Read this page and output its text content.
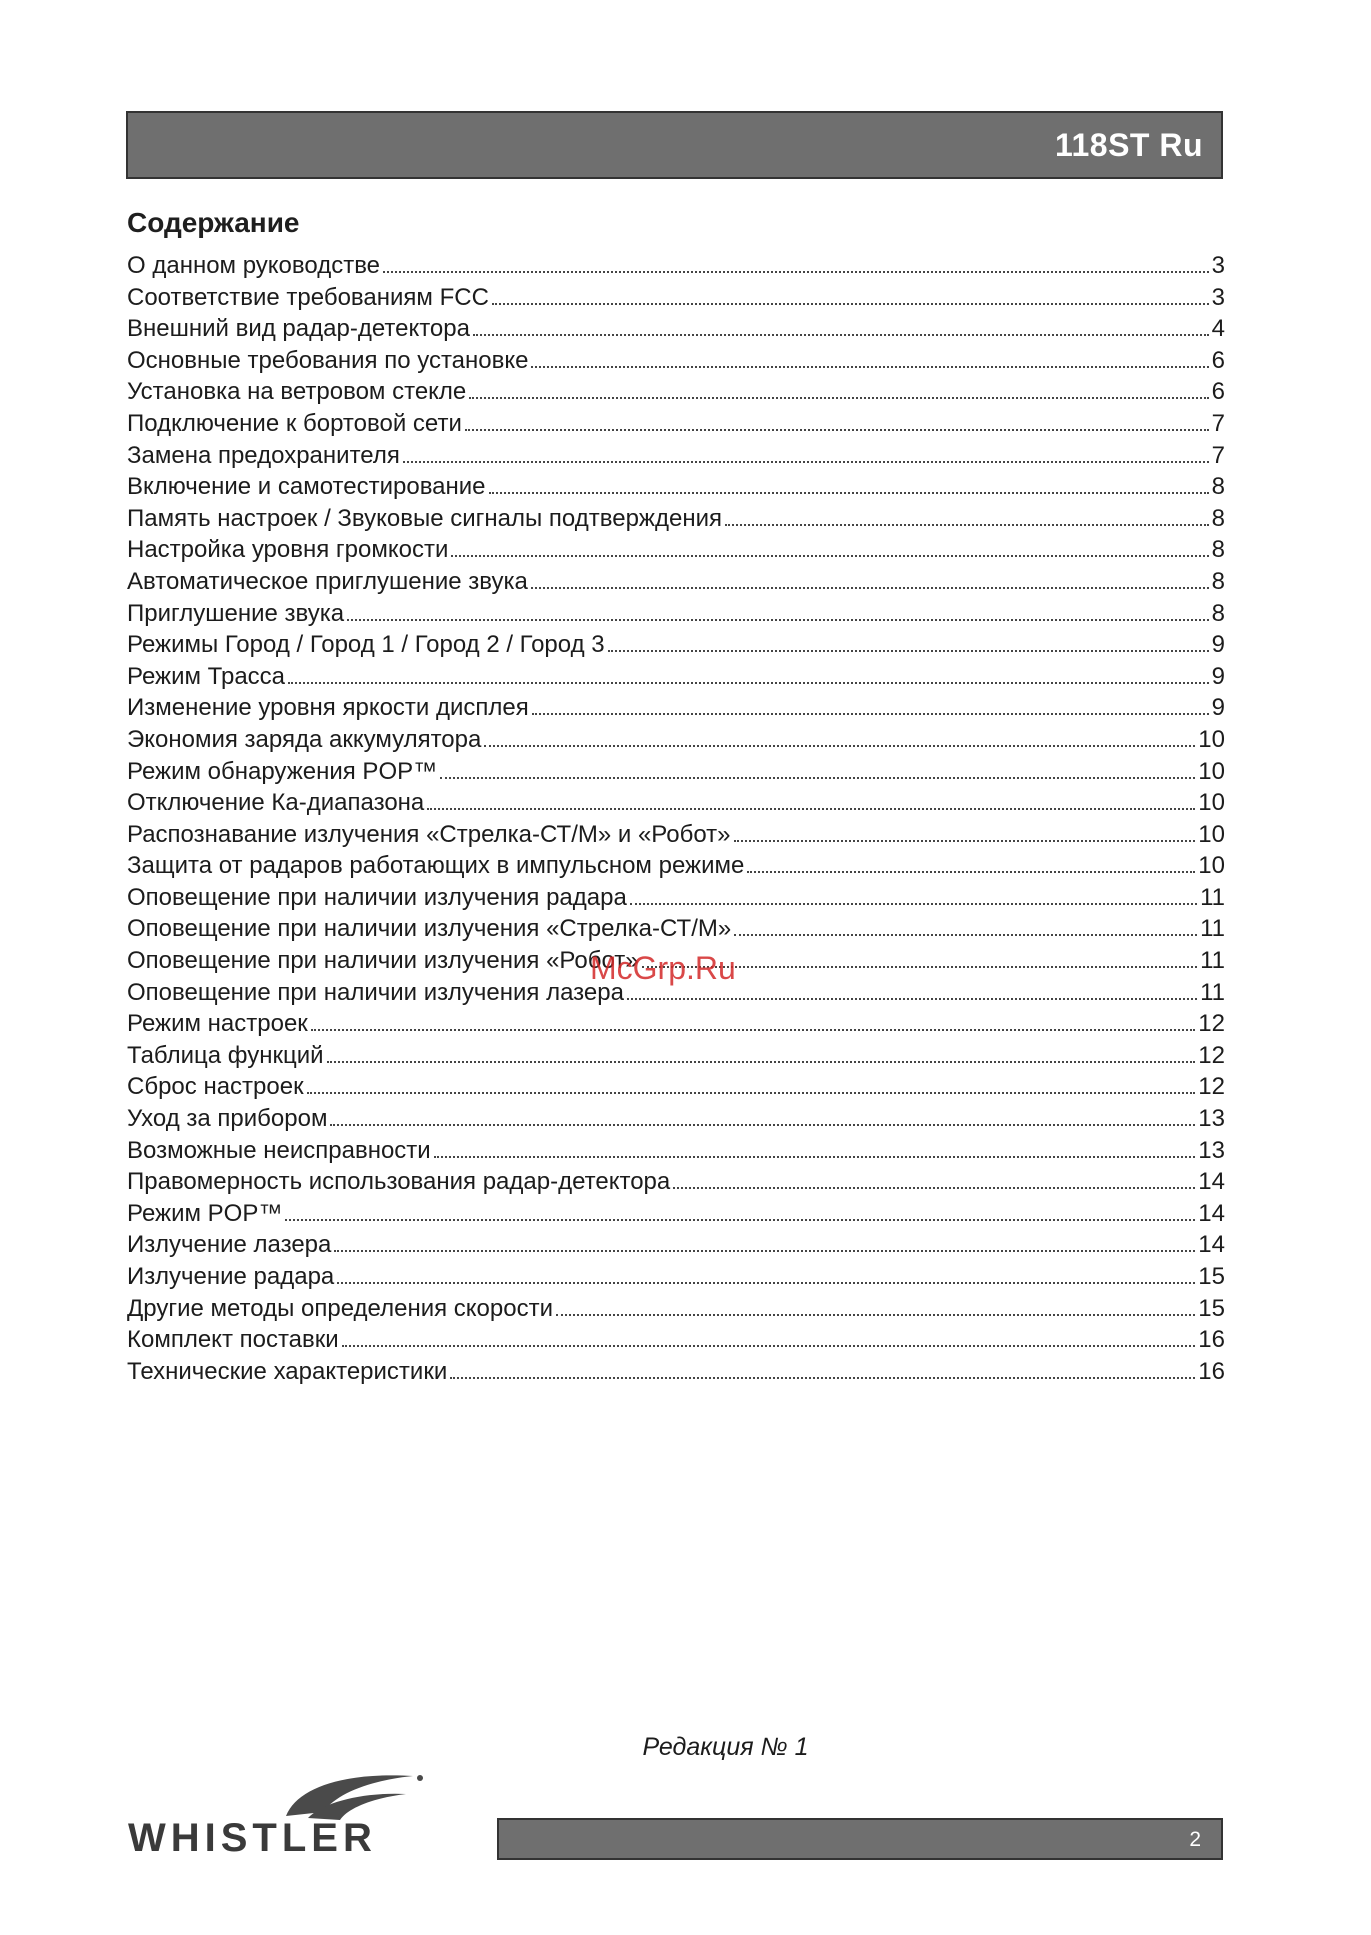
118ST Ru
Содержание
О данном руководстве	3
Соответствие требованиям FCC	3
Внешний вид радар-детектора	4
Основные требования по установке	6
Установка на ветровом стекле	6
Подключение к бортовой сети	7
Замена предохранителя	7
Включение и самотестирование	8
Память настроек / Звуковые сигналы подтверждения	8
Настройка уровня громкости	8
Автоматическое приглушение звука	8
Приглушение звука	8
Режимы Город / Город 1 / Город 2 / Город 3	9
Режим Трасса	9
Изменение уровня яркости дисплея	9
Экономия заряда аккумулятора	10
Режим обнаружения POP™	10
Отключение Ка-диапазона	10
Распознавание излучения «Стрелка-СТ/М» и «Робот»	10
Защита от радаров работающих в импульсном режиме	10
Оповещение при наличии излучения радара	11
Оповещение при наличии излучения «Стрелка-СТ/М»	11
Оповещение при наличии излучения «Робот»	11
Оповещение при наличии излучения лазера	11
Режим настроек	12
Таблица функций	12
Сброс настроек	12
Уход за прибором	13
Возможные неисправности	13
Правомерность использования радар-детектора	14
Режим POP™	14
Излучение лазера	14
Излучение радара	15
Другие методы определения скорости	15
Комплект поставки	16
Технические характеристики	16
Редакция № 1
WHISTLER	2
McGrp.Ru
